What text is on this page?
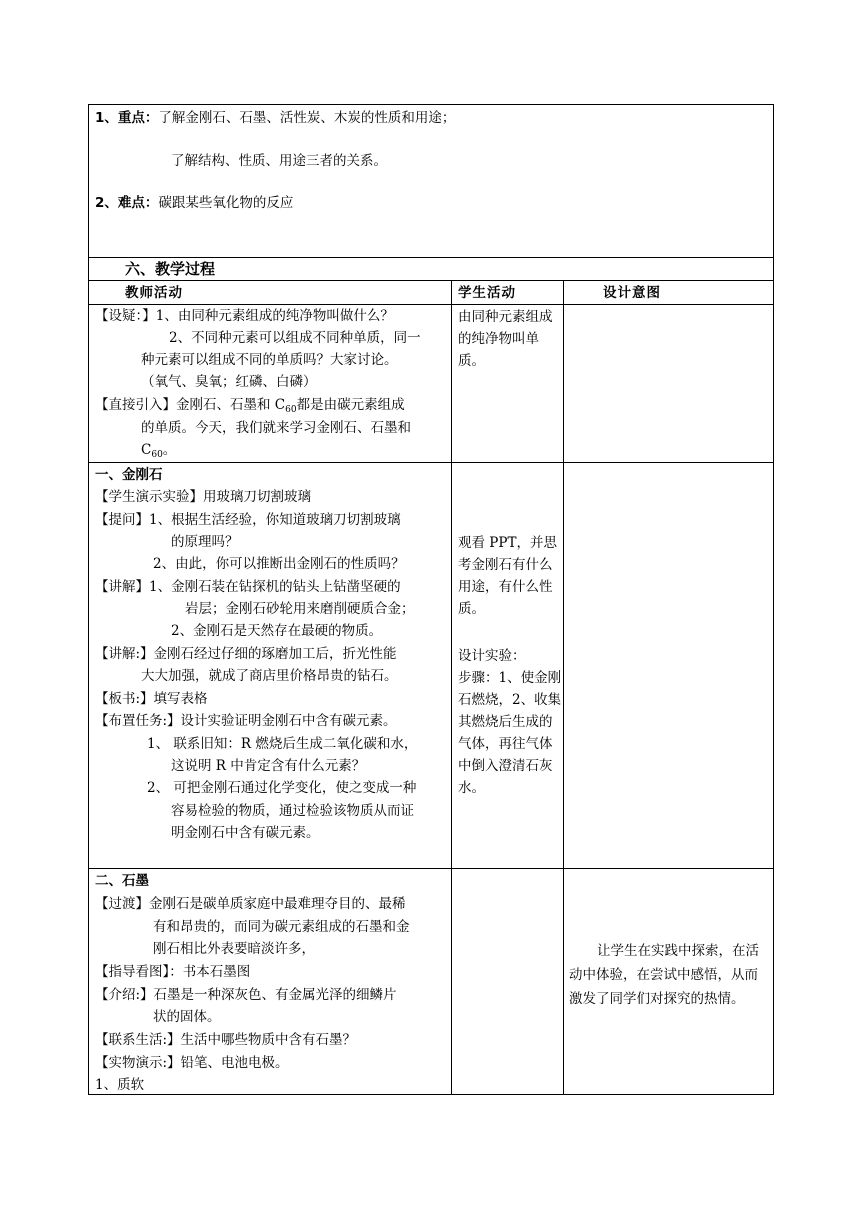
1、重点：了解金刚石、石墨、活性炭、木炭的性质和用途；
了解结构、性质、用途三者的关系。
2、难点：碳跟某些氧化物的反应
六、教学过程
教师活动	学生活动	设计意图
【设疑：】1、由同种元素组成的纯净物叫做什么？
2、不同种元素可以组成不同种单质，同一
种元素可以组成不同的单质吗？大家讨论。
（氧气、臭氧；红磷、白磷）
【直接引入】金刚石、石墨和 $C_{60}$都是由碳元素组成
的单质。今天，我们就来学习金刚石、石墨和
$C_{60}$。
由同种元素组成的纯净物叫单质。
一、金刚石
【学生演示实验】用玻璃刀切割玻璃
【提问】1、根据生活经验，你知道玻璃刀切割玻璃
的原理吗？
2、由此，你可以推断出金刚石的性质吗？
【讲解】1、金刚石装在钻探机的钻头上钻凿坚硬的
岩层；金刚石砂轮用来磨削硬质合金；
2、金刚石是天然存在最硬的物质。
【讲解:】金刚石经过仔细的琢磨加工后，折光性能
大大加强，就成了商店里价格昂贵的钻石。
【板书:】填写表格
【布置任务:】设计实验证明金刚石中含有碳元素。
1、 联系旧知：R 燃烧后生成二氧化碳和水，
这说明 R 中肯定含有什么元素？
2、 可把金刚石通过化学变化，使之变成一种
容易检验的物质，通过检验该物质从而证
明金刚石中含有碳元素。
观看 PPT，并思考金刚石有什么用途，有什么性质。
设计实验：
步骤：1、使金刚石燃烧，2、收集其燃烧后生成的气体，再往气体中倒入澄清石灰水。
二、石墨
【过渡】金刚石是碳单质家庭中最难理夺目的、最稀
有和昂贵的，而同为碳元素组成的石墨和金
刚石相比外表要暗淡许多，
【指导看图】：书本石墨图
【介绍:】石墨是一种深灰色、有金属光泽的细鳞片
状的固体。
【联系生活:】生活中哪些物质中含有石墨？
【实物演示:】铅笔、电池电极。
1、质软
让学生在实践中探索，在活动中体验，在尝试中感悟，从而激发了同学们对探究的热情。
